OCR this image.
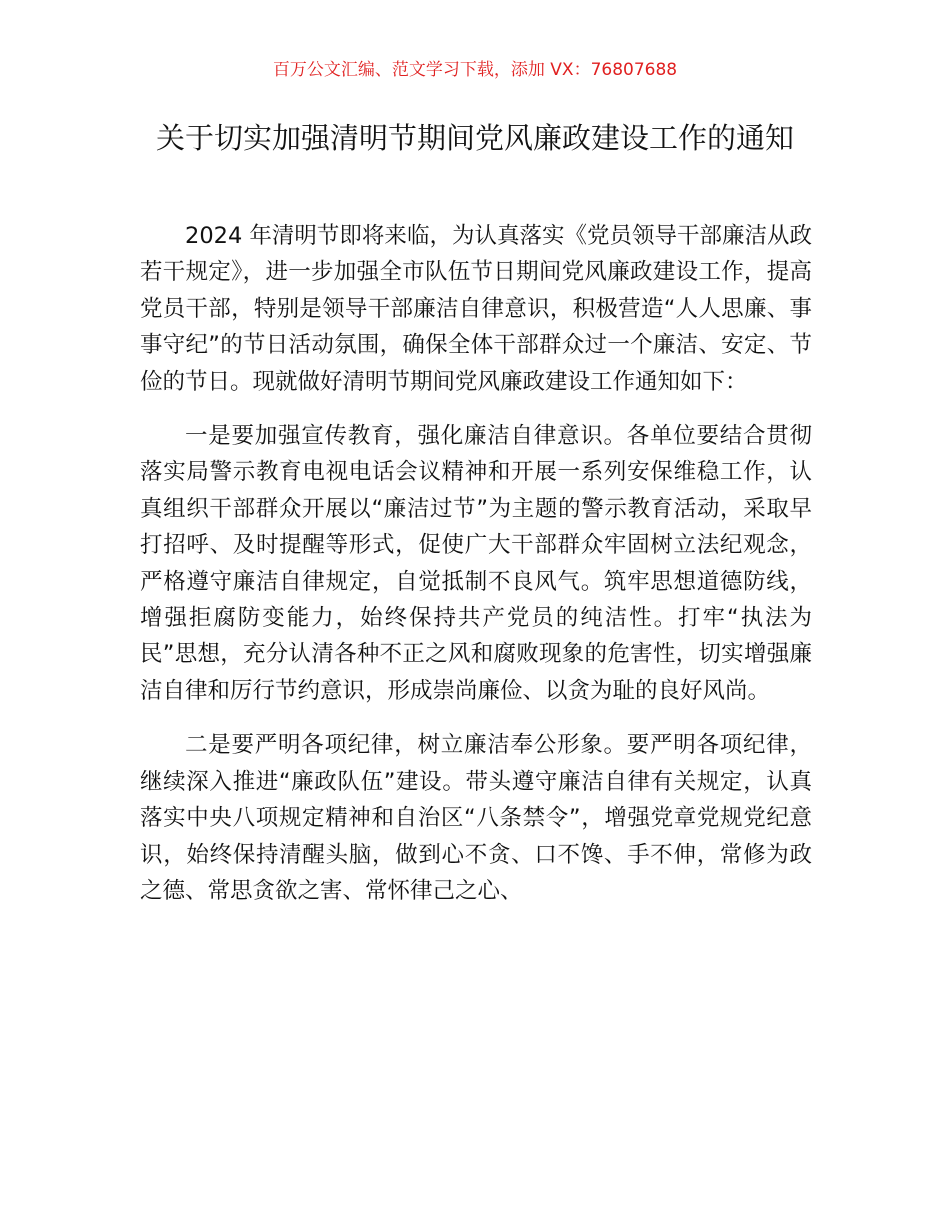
百万公文汇编、范文学习下载，添加 VX：76807688
关于切实加强清明节期间党风廉政建设工作的通知

2024 年清明节即将来临，为认真落实《党员领导干部廉洁从政若干规定》，进一步加强全市队伍节日期间党风廉政建设工作，提高党员干部，特别是领导干部廉洁自律意识，积极营造“人人思廉、事事守纪”的节日活动氛围，确保全体干部群众过一个廉洁、安定、节俭的节日。现就做好清明节期间党风廉政建设工作通知如下：

一是要加强宣传教育，强化廉洁自律意识。各单位要结合贯彻落实局警示教育电视电话会议精神和开展一系列安保维稳工作，认真组织干部群众开展以“廉洁过节”为主题的警示教育活动，采取早打招呼、及时提醒等形式，促使广大干部群众牢固树立法纪观念，严格遵守廉洁自律规定，自觉抵制不良风气。筑牢思想道德防线，增强拒腐防变能力，始终保持共产党员的纯洁性。打牢“执法为民”思想，充分认清各种不正之风和腐败现象的危害性，切实增强廉洁自律和厉行节约意识，形成崇尚廉俭、以贪为耻的良好风尚。

二是要严明各项纪律，树立廉洁奉公形象。要严明各项纪律，继续深入推进“廉政队伍”建设。带头遵守廉洁自律有关规定，认真落实中央八项规定精神和自治区“八条禁令”，增强党章党规党纪意识，始终保持清醒头脑，做到心不贪、口不馋、手不伸，常修为政之德、常思贪欲之害、常怀律己之心、
